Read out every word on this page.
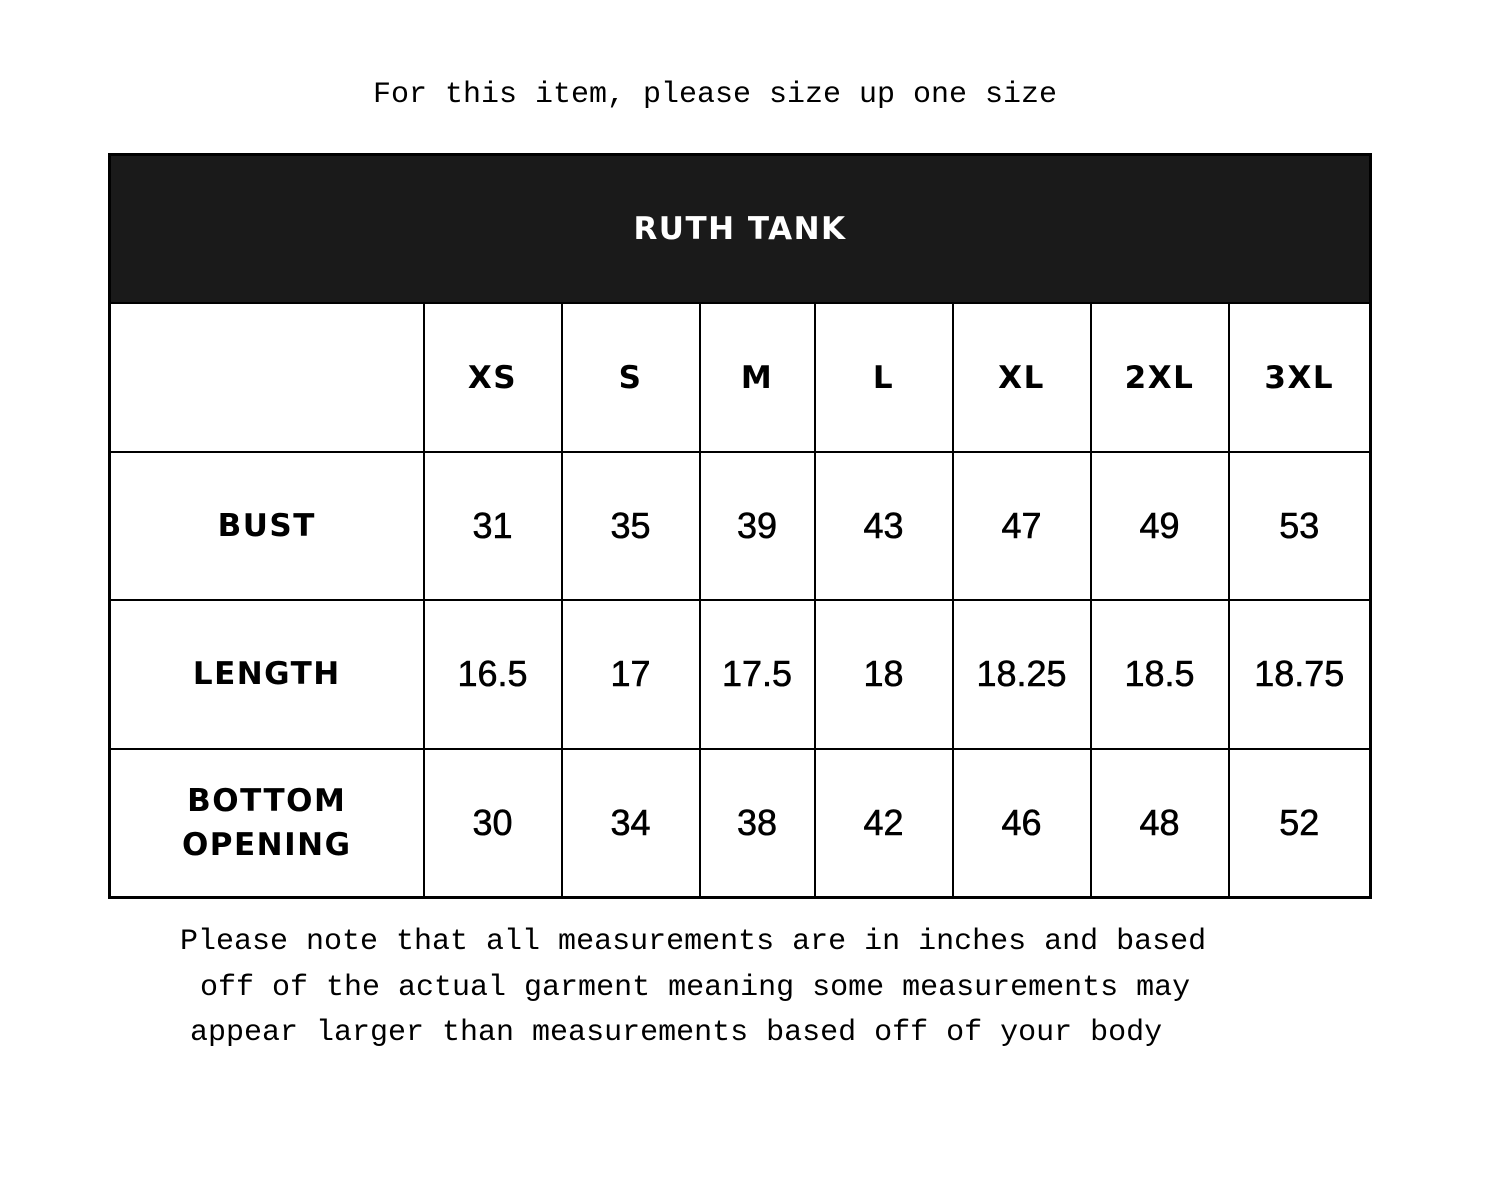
For this item, please size up one size
RUTH TANK							
	XS	S	M	L	XL	2XL	3XL
BUST	31	35	39	43	47	49	53
LENGTH	16.5	17	17.5	18	18.25	18.5	18.75

BOTTOM
OPENING	30	34	38	42	46	48	52
Please note that all measurements are in inches and based
off of the actual garment meaning some measurements may
appear larger than measurements based off of your body
